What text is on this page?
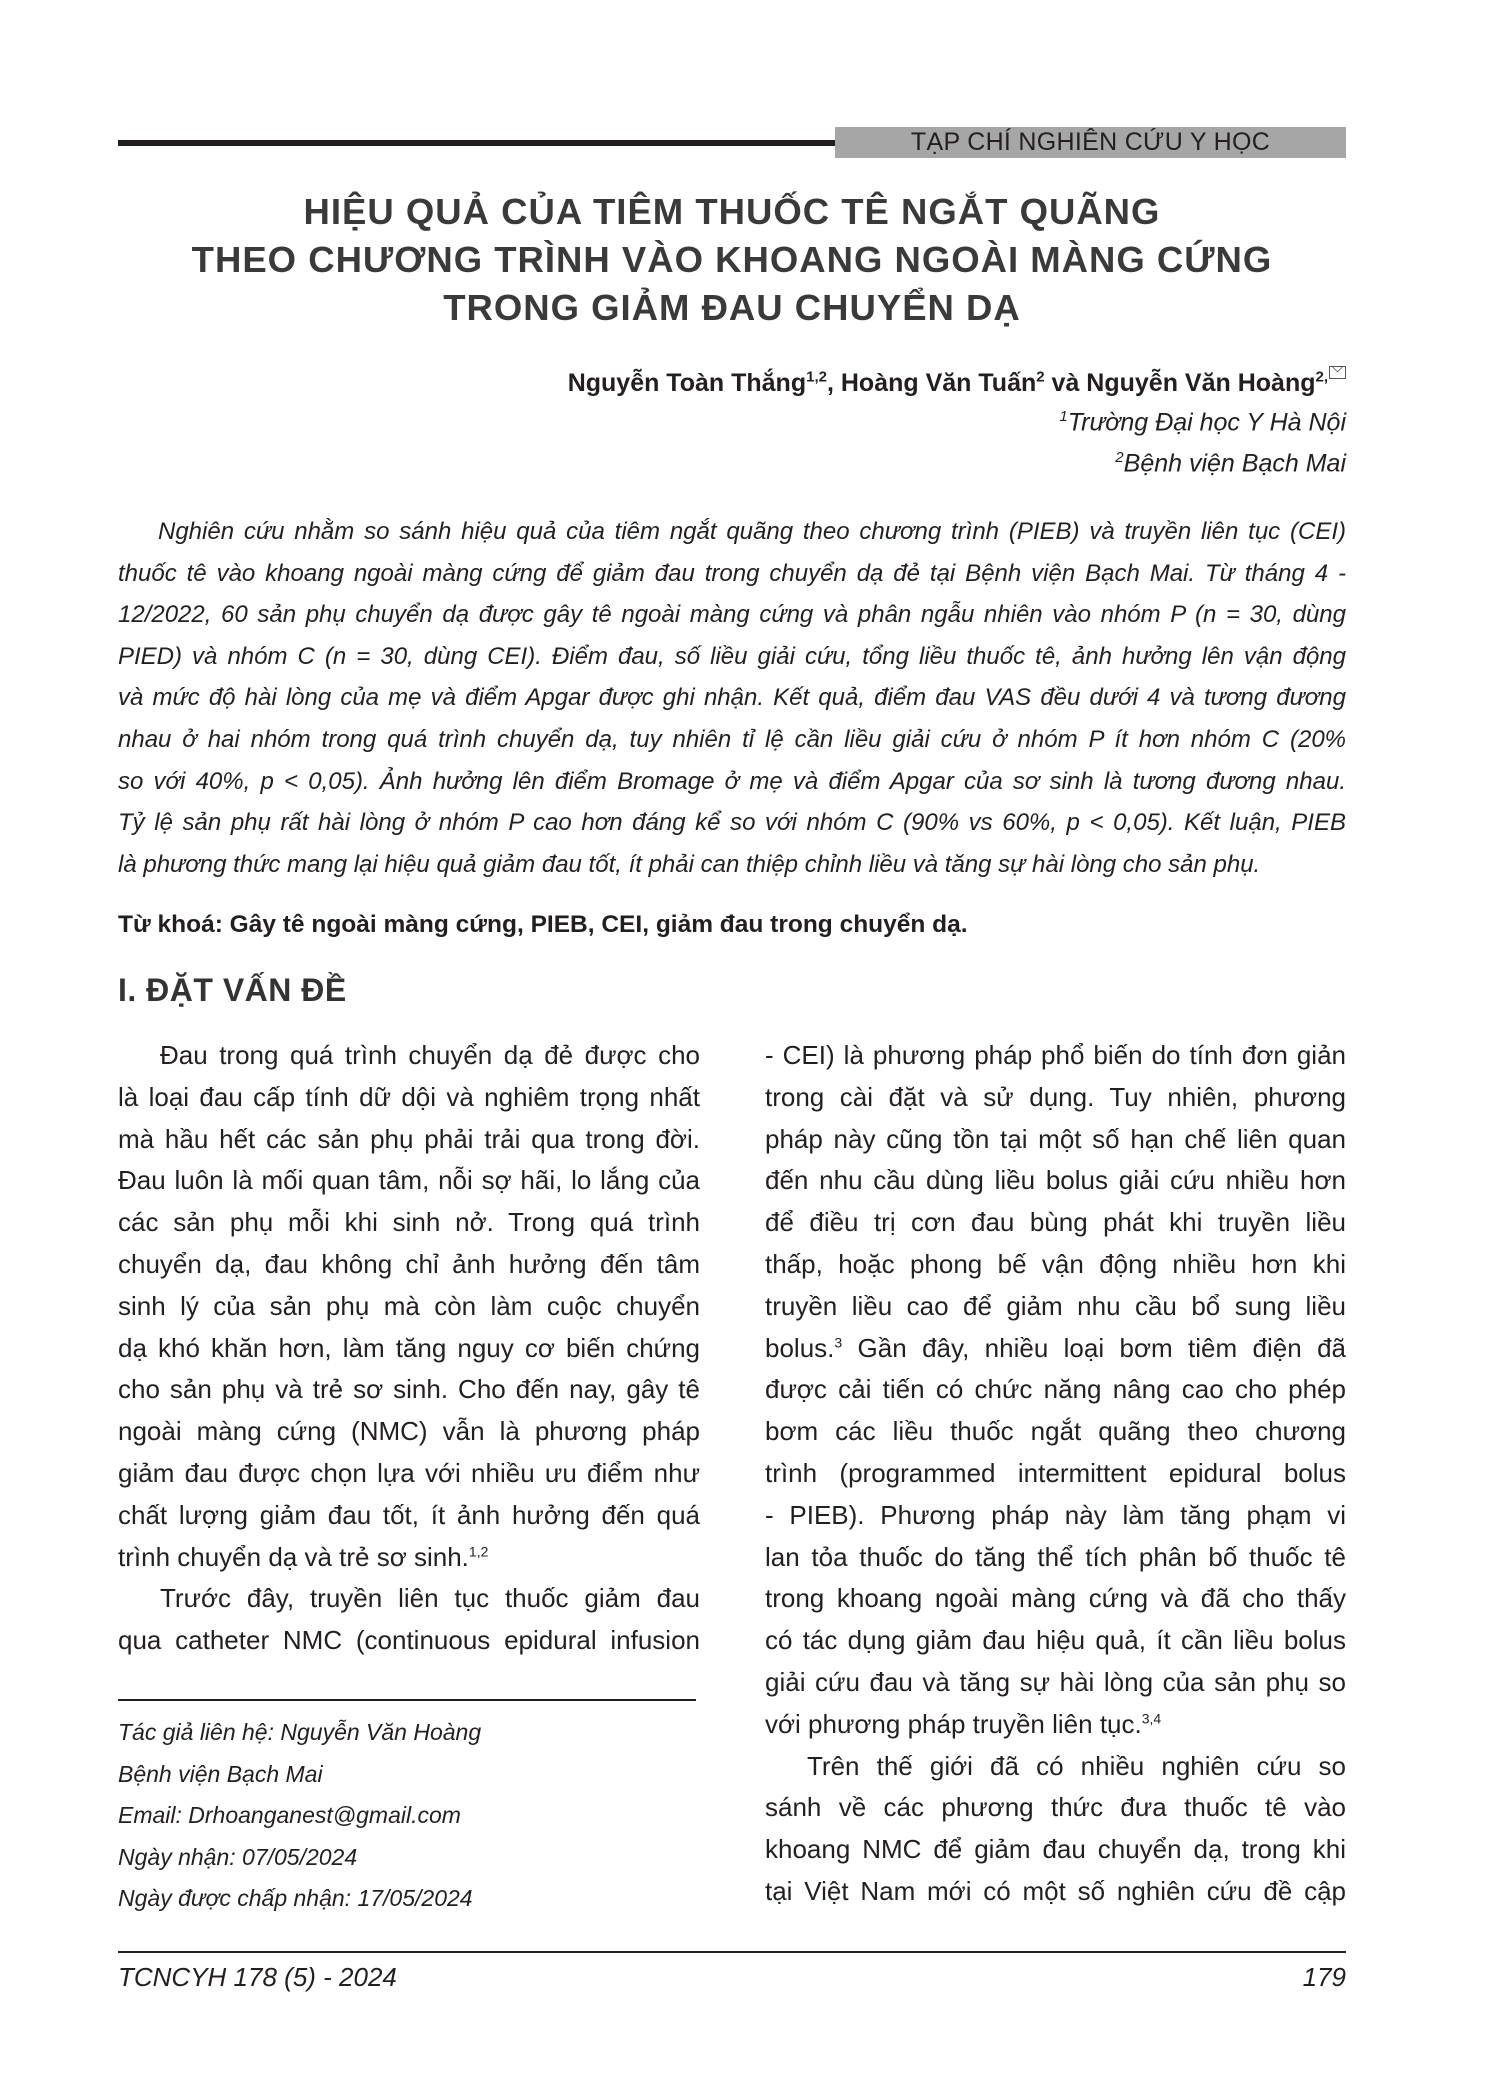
TẠP CHÍ NGHIÊN CỨU Y HỌC
HIỆU QUẢ CỦA TIÊM THUỐC TÊ NGẮT QUÃNG
THEO CHƯƠNG TRÌNH VÀO KHOANG NGOÀI MÀNG CỨNG
TRONG GIẢM ĐAU CHUYỂN DẠ
Nguyễn Toàn Thắng$^{1,2}$, Hoàng Văn Tuấn$^2$ và Nguyễn Văn Hoàng$^{2,}$
$^1$Trường Đại học Y Hà Nội
$^2$Bệnh viện Bạch Mai
Nghiên cứu nhằm so sánh hiệu quả của tiêm ngắt quãng theo chương trình (PIEB) và truyền liên tục (CEI)
thuốc tê vào khoang ngoài màng cứng để giảm đau trong chuyển dạ đẻ tại Bệnh viện Bạch Mai. Từ tháng 4 -
12/2022, 60 sản phụ chuyển dạ được gây tê ngoài màng cứng và phân ngẫu nhiên vào nhóm P (n = 30, dùng
PIED) và nhóm C (n = 30, dùng CEI). Điểm đau, số liều giải cứu, tổng liều thuốc tê, ảnh hưởng lên vận động
và mức độ hài lòng của mẹ và điểm Apgar được ghi nhận. Kết quả, điểm đau VAS đều dưới 4 và tương đương
nhau ở hai nhóm trong quá trình chuyển dạ, tuy nhiên tỉ lệ cần liều giải cứu ở nhóm P ít hơn nhóm C (20%
so với 40%, p < 0,05). Ảnh hưởng lên điểm Bromage ở mẹ và điểm Apgar của sơ sinh là tương đương nhau.
Tỷ lệ sản phụ rất hài lòng ở nhóm P cao hơn đáng kể so với nhóm C (90% vs 60%, p < 0,05). Kết luận, PIEB
là phương thức mang lại hiệu quả giảm đau tốt, ít phải can thiệp chỉnh liều và tăng sự hài lòng cho sản phụ.
Từ khoá: Gây tê ngoài màng cứng, PIEB, CEI, giảm đau trong chuyển dạ.
I. ĐẶT VẤN ĐỀ
Đau trong quá trình chuyển dạ đẻ được cho
là loại đau cấp tính dữ dội và nghiêm trọng nhất
mà hầu hết các sản phụ phải trải qua trong đời.
Đau luôn là mối quan tâm, nỗi sợ hãi, lo lắng của
các sản phụ mỗi khi sinh nở. Trong quá trình
chuyển dạ, đau không chỉ ảnh hưởng đến tâm
sinh lý của sản phụ mà còn làm cuộc chuyển
dạ khó khăn hơn, làm tăng nguy cơ biến chứng
cho sản phụ và trẻ sơ sinh. Cho đến nay, gây tê
ngoài màng cứng (NMC) vẫn là phương pháp
giảm đau được chọn lựa với nhiều ưu điểm như
chất lượng giảm đau tốt, ít ảnh hưởng đến quá
trình chuyển dạ và trẻ sơ sinh.$^{1,2}$
Trước đây, truyền liên tục thuốc giảm đau
qua catheter NMC (continuous epidural infusion
Tác giả liên hệ: Nguyễn Văn Hoàng
Bệnh viện Bạch Mai
Email: Drhoanganest@gmail.com
Ngày nhận: 07/05/2024
Ngày được chấp nhận: 17/05/2024
- CEI) là phương pháp phổ biến do tính đơn giản
trong cài đặt và sử dụng. Tuy nhiên, phương
pháp này cũng tồn tại một số hạn chế liên quan
đến nhu cầu dùng liều bolus giải cứu nhiều hơn
để điều trị cơn đau bùng phát khi truyền liều
thấp, hoặc phong bế vận động nhiều hơn khi
truyền liều cao để giảm nhu cầu bổ sung liều
bolus.$^3$ Gần đây, nhiều loại bơm tiêm điện đã
được cải tiến có chức năng nâng cao cho phép
bơm các liều thuốc ngắt quãng theo chương
trình (programmed intermittent epidural bolus
- PIEB). Phương pháp này làm tăng phạm vi
lan tỏa thuốc do tăng thể tích phân bố thuốc tê
trong khoang ngoài màng cứng và đã cho thấy
có tác dụng giảm đau hiệu quả, ít cần liều bolus
giải cứu đau và tăng sự hài lòng của sản phụ so
với phương pháp truyền liên tục.$^{3,4}$
Trên thế giới đã có nhiều nghiên cứu so
sánh về các phương thức đưa thuốc tê vào
khoang NMC để giảm đau chuyển dạ, trong khi
tại Việt Nam mới có một số nghiên cứu đề cập
TCNCYH 178 (5) - 2024	179
